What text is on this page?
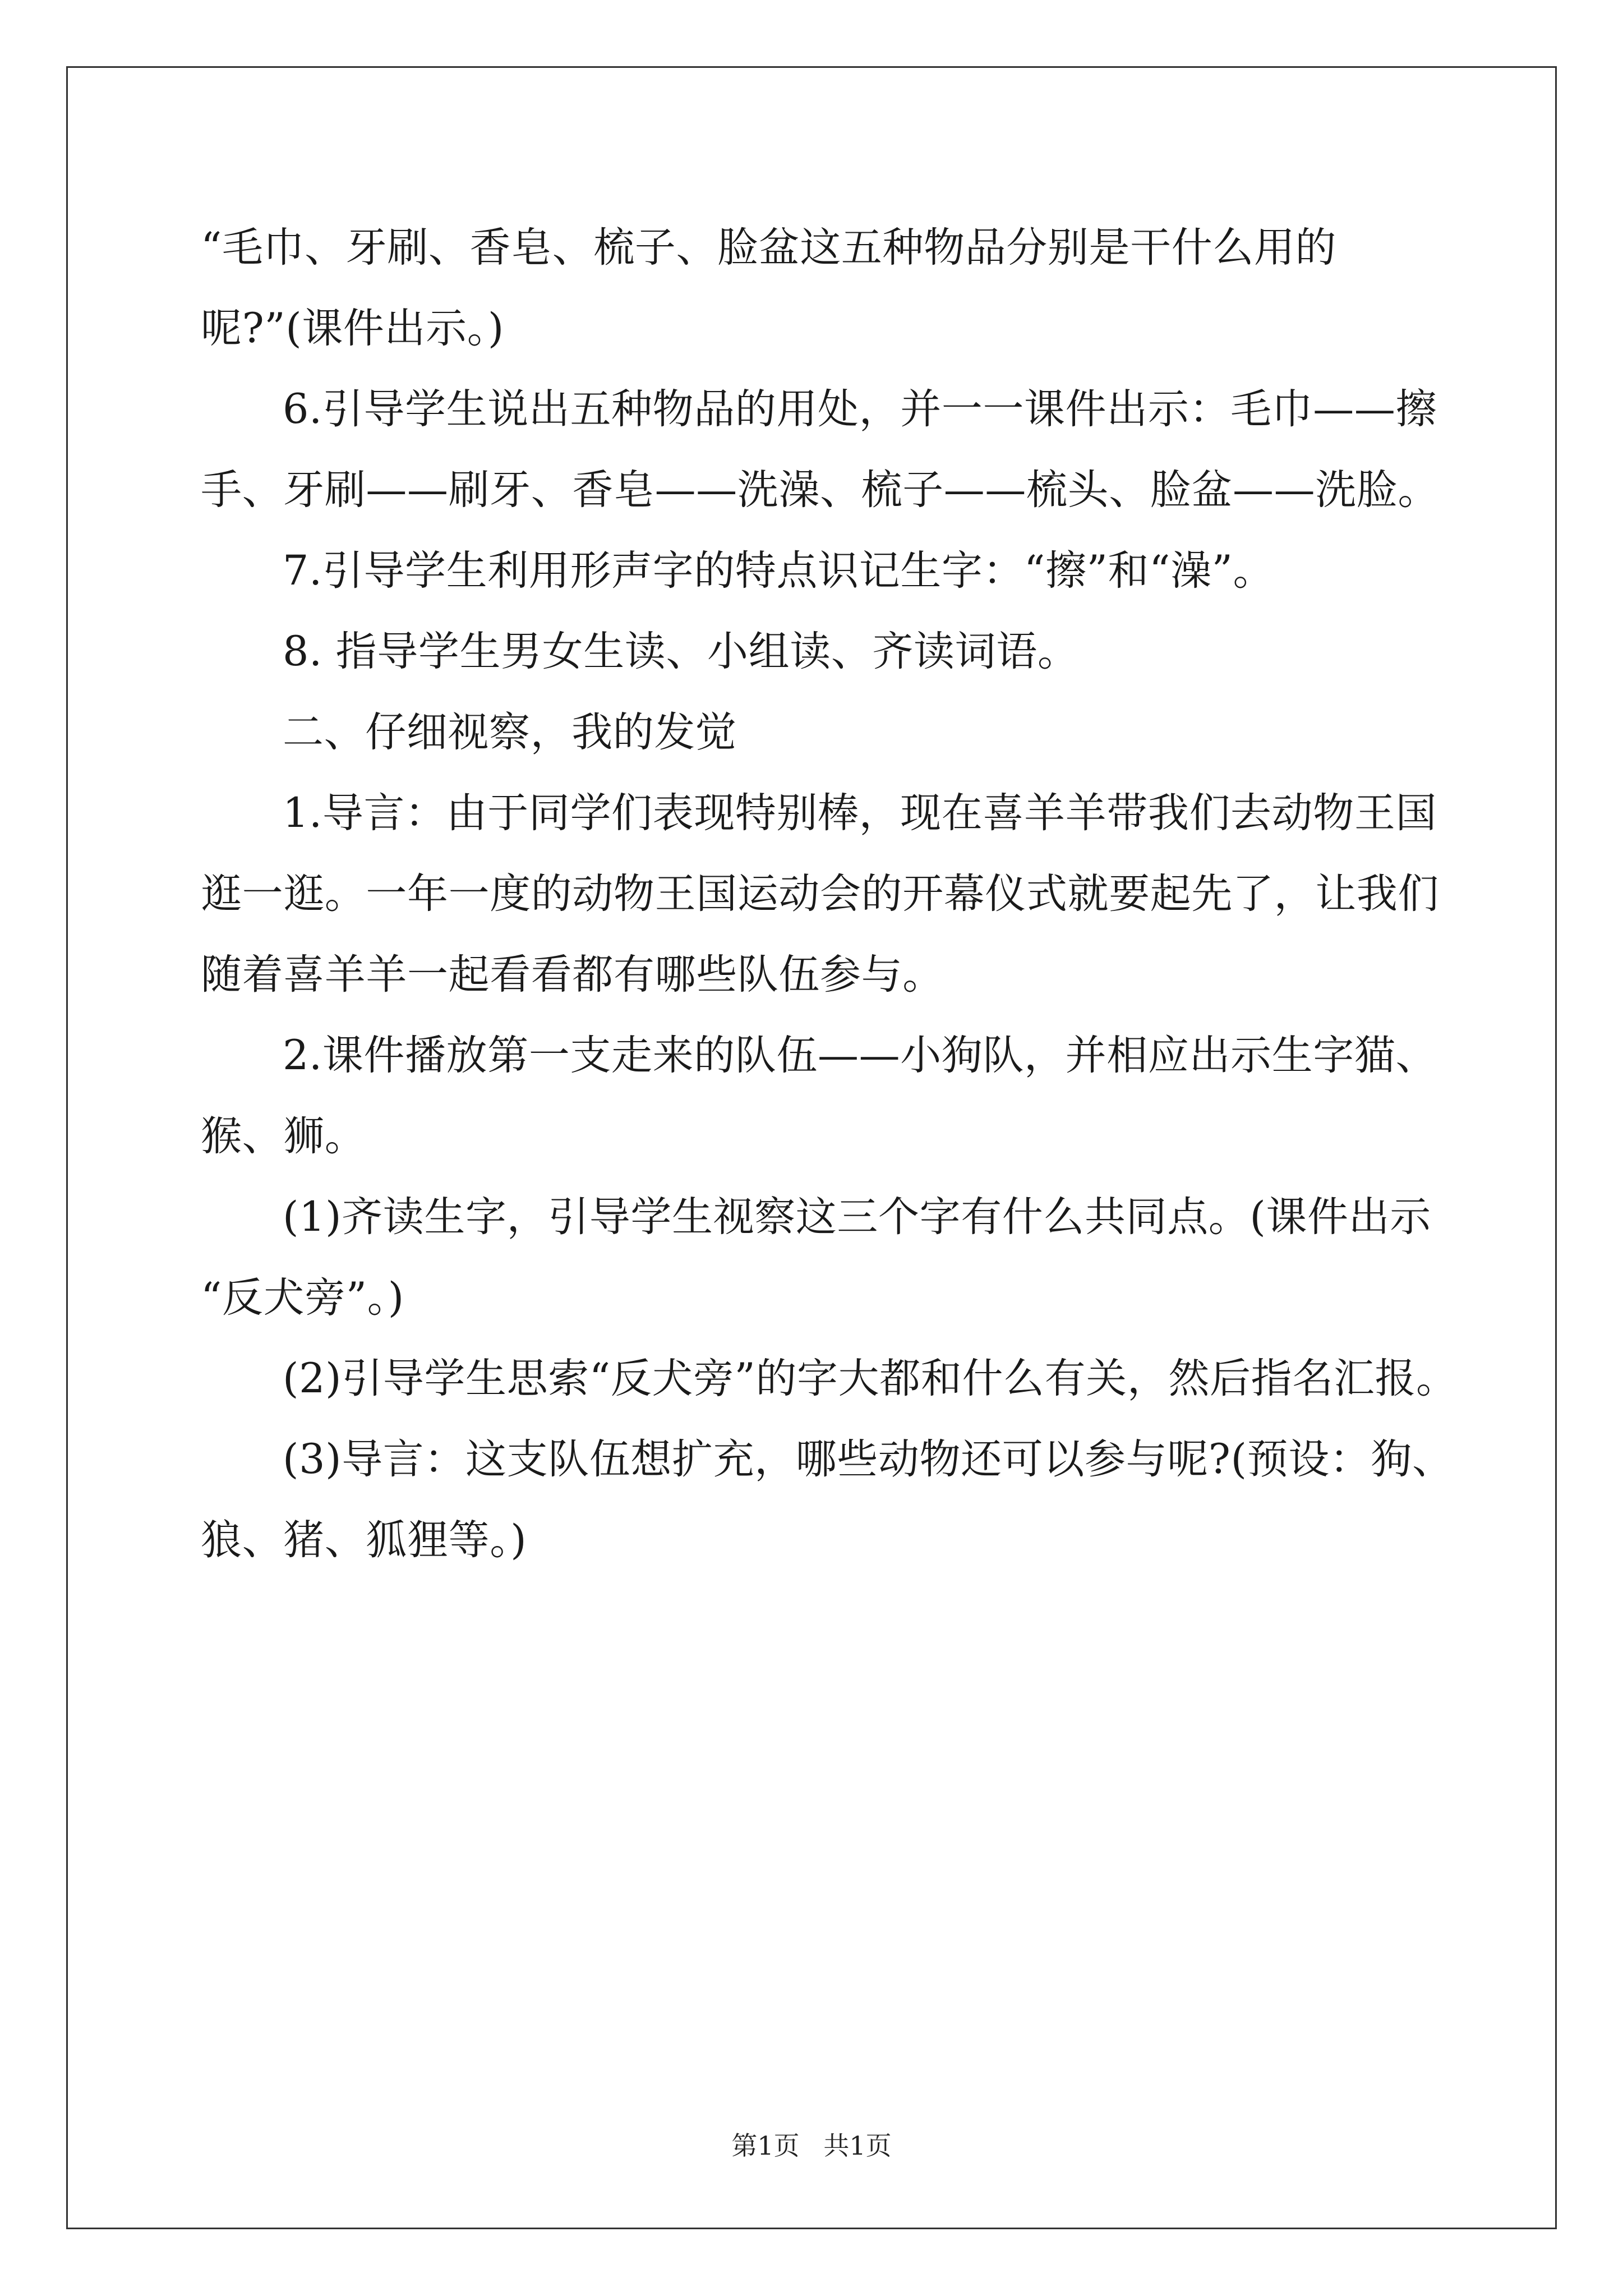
“毛巾、牙刷、香皂、梳子、脸盆这五种物品分别是干什么用的
呢?”(课件出示。)
6.引导学生说出五种物品的用处，并一一课件出示：毛巾——擦
手、牙刷——刷牙、香皂——洗澡、梳子——梳头、脸盆——洗脸。
7.引导学生利用形声字的特点识记生字：“擦”和“澡”。
8. 指导学生男女生读、小组读、齐读词语。
二、仔细视察，我的发觉
1.导言：由于同学们表现特别棒，现在喜羊羊带我们去动物王国
逛一逛。一年一度的动物王国运动会的开幕仪式就要起先了，让我们
随着喜羊羊一起看看都有哪些队伍参与。
2.课件播放第一支走来的队伍——小狗队，并相应出示生字猫、
猴、狮。
(1)齐读生字，引导学生视察这三个字有什么共同点。(课件出示
“反犬旁”。)
(2)引导学生思索“反犬旁”的字大都和什么有关，然后指名汇报。
(3)导言：这支队伍想扩充，哪些动物还可以参与呢?(预设：狗、
狼、猪、狐狸等。)
第1页 共1页
